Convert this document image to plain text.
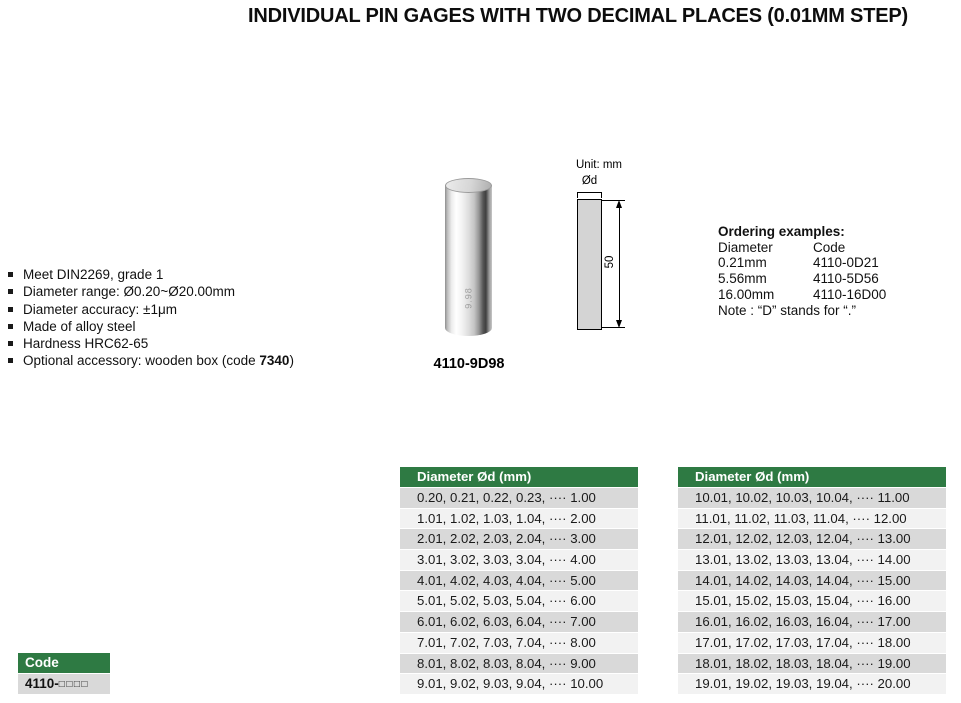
INDIVIDUAL PIN GAGES WITH TWO DECIMAL PLACES (0.01MM STEP)
Meet DIN2269, grade 1
Diameter range: Ø0.20~Ø20.00mm
Diameter accuracy: ±1μm
Made of alloy steel
Hardness HRC62-65
Optional accessory: wooden box (code 7340)
9.98
4110-9D98
Unit: mm
Ød
50
Ordering examples:
Diameter	Code
0.21mm	4110-0D21
5.56mm	4110-5D56
16.00mm	4110-16D00
Note : “D” stands for “.”
Diameter Ød (mm)
0.20, 0.21, 0.22, 0.23, ···· 1.00
1.01, 1.02, 1.03, 1.04, ···· 2.00
2.01, 2.02, 2.03, 2.04, ···· 3.00
3.01, 3.02, 3.03, 3.04, ···· 4.00
4.01, 4.02, 4.03, 4.04, ···· 5.00
5.01, 5.02, 5.03, 5.04, ···· 6.00
6.01, 6.02, 6.03, 6.04, ···· 7.00
7.01, 7.02, 7.03, 7.04, ···· 8.00
8.01, 8.02, 8.03, 8.04, ···· 9.00
9.01, 9.02, 9.03, 9.04, ···· 10.00
Diameter Ød (mm)
10.01, 10.02, 10.03, 10.04, ···· 11.00
11.01, 11.02, 11.03, 11.04, ···· 12.00
12.01, 12.02, 12.03, 12.04, ···· 13.00
13.01, 13.02, 13.03, 13.04, ···· 14.00
14.01, 14.02, 14.03, 14.04, ···· 15.00
15.01, 15.02, 15.03, 15.04, ···· 16.00
16.01, 16.02, 16.03, 16.04, ···· 17.00
17.01, 17.02, 17.03, 17.04, ···· 18.00
18.01, 18.02, 18.03, 18.04, ···· 19.00
19.01, 19.02, 19.03, 19.04, ···· 20.00
Code
4110-□□□□
